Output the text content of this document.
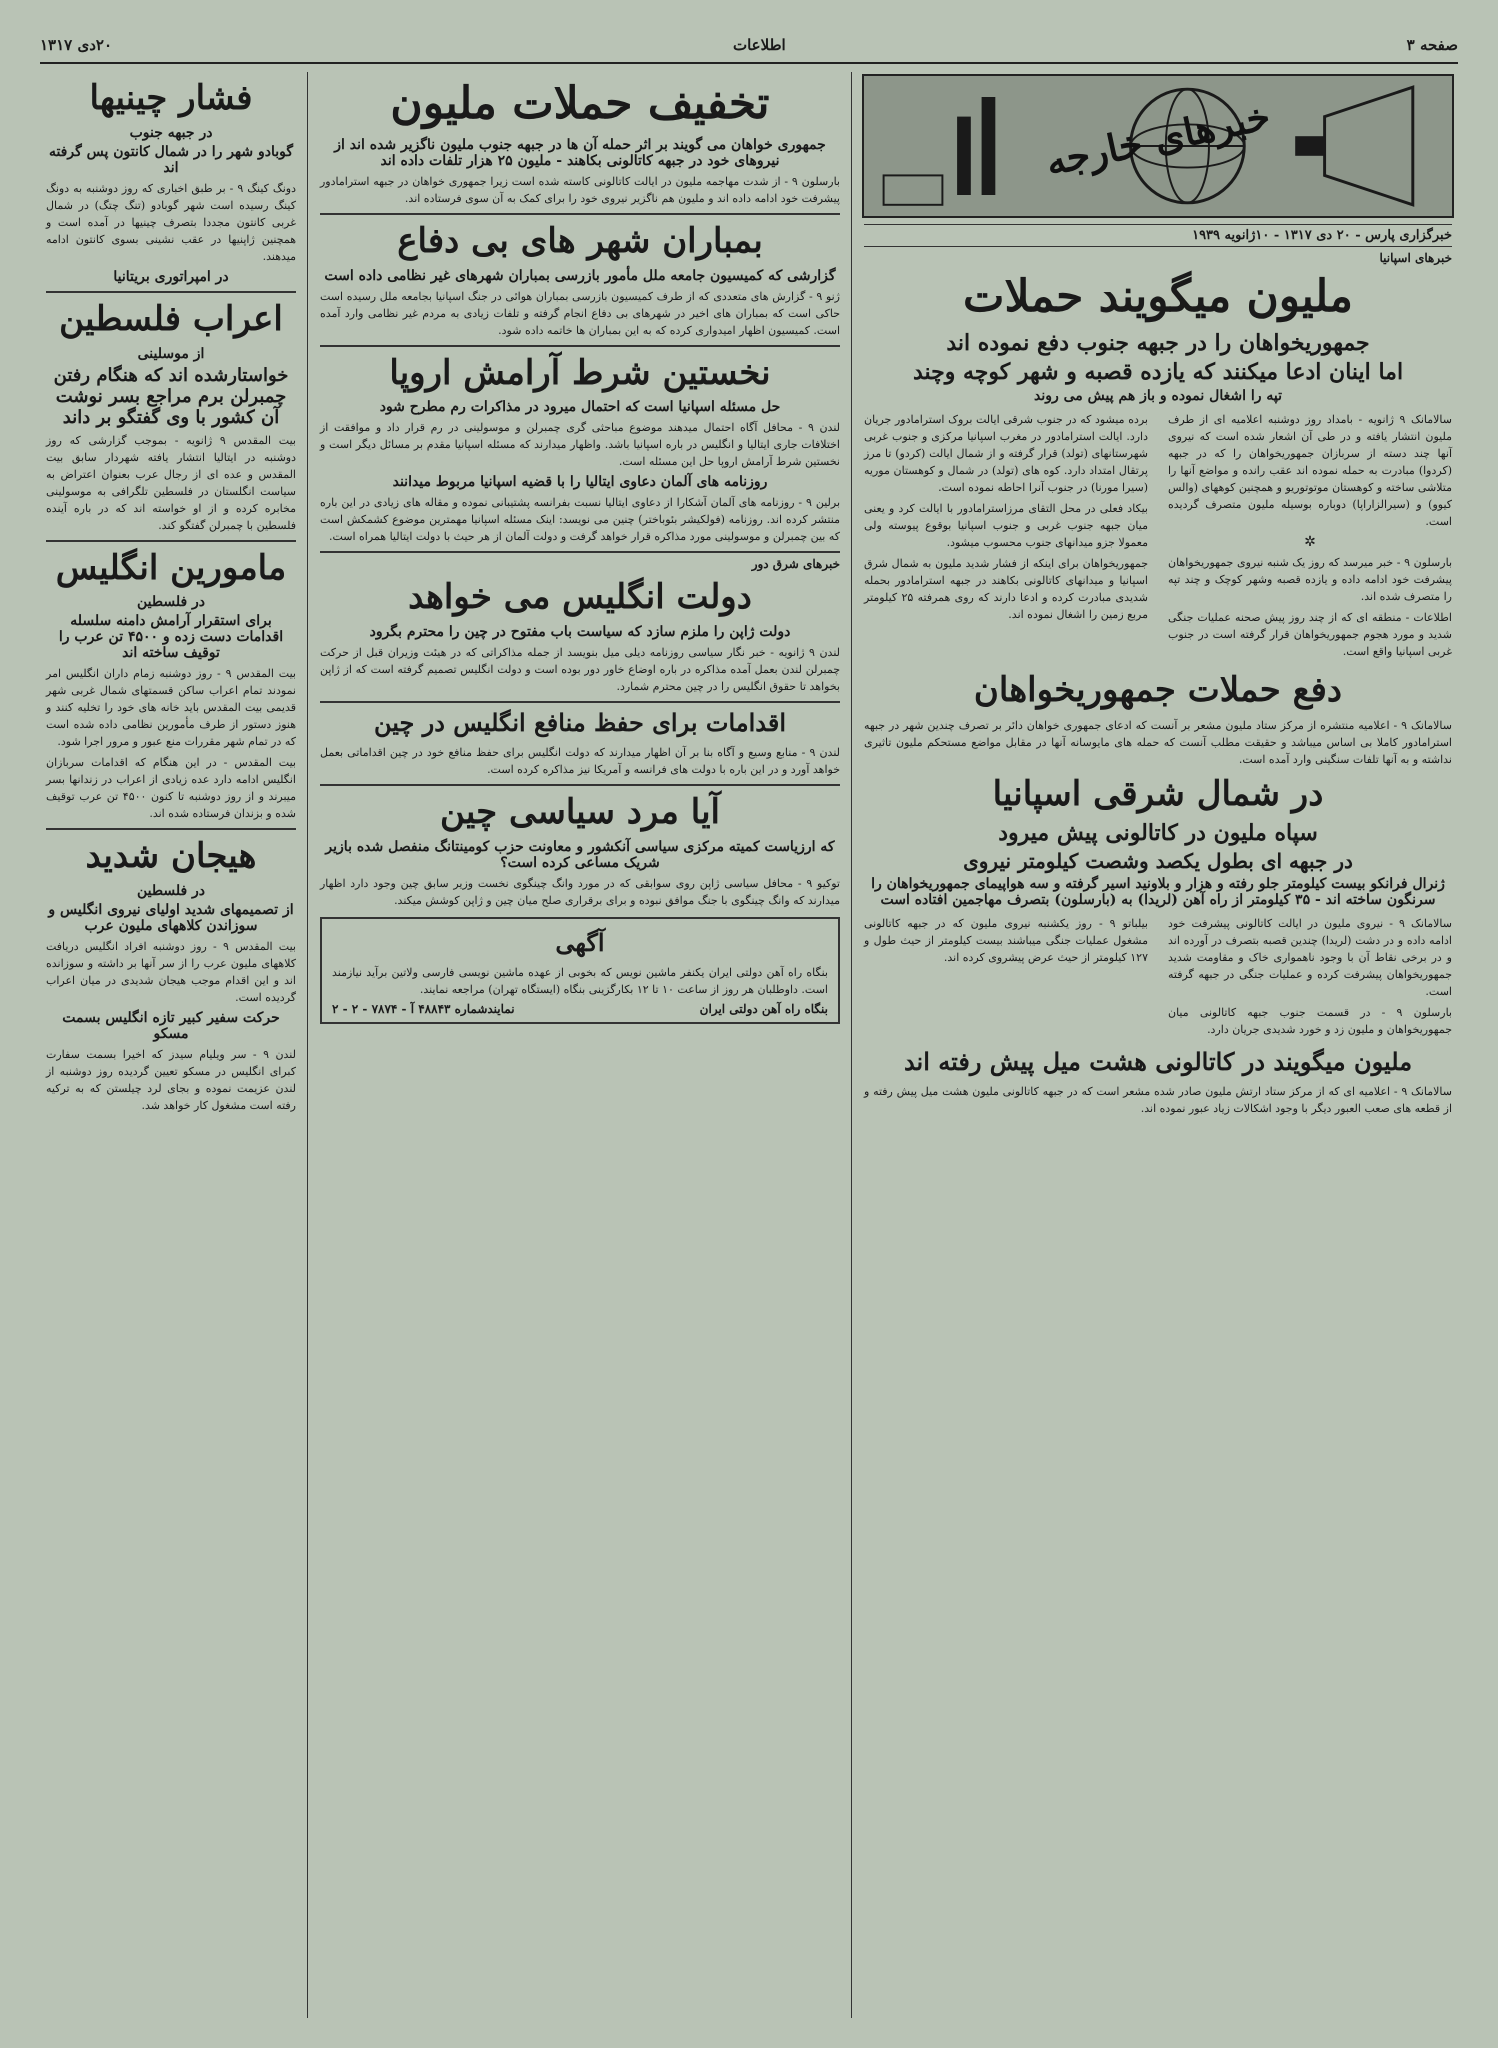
صفحه ۳
اطلاعات
۲۰دی ۱۳۱۷
خبرهای خارجه
خبرگزاری پارس - ۲۰ دی ۱۳۱۷ - ۱۰ژانویه ۱۹۳۹
خبرهای اسپانیا
ملیون میگویند حملات
جمهوریخواهان را در جبهه جنوب دفع نموده اند
اما اینان ادعا میکنند که یازده قصبه و شهر کوچه وچند
تپه را اشغال نموده و باز هم پیش می روند

سالامانک ۹ ژانویه - بامداد روز دوشنبه اعلامیه ای از طرف ملیون انتشار یافته و در طی آن اشعار شده است که نیروی آنها چند دسته از سربازان جمهوریخواهان را که در جبهه (کردوا) مبادرت به حمله نموده اند عقب رانده و مواضع آنها را متلاشی ساخته و کوهستان موتوتوریو و همچنین کوههای (والس کیوو) و (سیرالزاراپا) دوباره بوسیله ملیون متصرف گردیده است.

✲

بارسلون ۹ - خبر میرسد که روز یک شنبه نیروی جمهوریخواهان پیشرفت خود ادامه داده و یازده قصبه وشهر کوچک و چند تپه را متصرف شده اند.

اطلاعات - منطقه ای که از چند روز پیش صحنه عملیات جنگی شدید و مورد هجوم جمهوریخواهان قرار گرفته است در جنوب غربی اسپانیا واقع است.

برده میشود که در جنوب شرقی ایالت بروک استرامادور جریان دارد. ایالت استرامادور در مغرب اسپانیا مرکزی و جنوب غربی شهرستانهای (تولد) قرار گرفته و از شمال ایالت (کردو) تا مرز پرتقال امتداد دارد. کوه های (تولد) در شمال و کوهستان موریه (سیرا مورنا) در جنوب آنرا احاطه نموده است.

بیکاد فعلی در محل التقای مرزاسترامادور با ایالت کرد و یعنی میان جبهه جنوب غربی و جنوب اسپانیا بوقوع پیوسته ولی معمولا جزو میدانهای جنوب محسوب میشود.

جمهوریخواهان برای اینکه از فشار شدید ملیون به شمال شرق اسپانیا و میدانهای کاتالونی بکاهند در جبهه استرامادور بحمله شدیدی مبادرت کرده و ادعا دارند که روی همرفته ۲۵ کیلومتر مربع زمین را اشغال نموده اند.

دفع حملات جمهوریخواهان

سالامانک ۹ - اعلامیه منتشره از مرکز ستاد ملیون مشعر بر آنست که ادعای جمهوری خواهان دائر بر تصرف چندین شهر در جبهه استرامادور کاملا بی اساس میباشد و حقیقت مطلب آنست که حمله های مایوسانه آنها در مقابل مواضع مستحکم ملیون تاثیری نداشته و به آنها تلفات سنگینی وارد آمده است.

در شمال شرقی اسپانیا
سپاه ملیون در کاتالونی پیش میرود
در جبهه ای بطول یکصد وشصت کیلومتر نیروی
ژنرال فرانکو بیست کیلومتر جلو رفته و هزار و بلاونید اسیر گرفته و سه هواپیمای جمهوریخواهان را سرنگون ساخته اند - ۳۵ کیلومتر از راه آهن (لریدا) به (بارسلون) بتصرف مهاجمین افتاده است

سالامانک ۹ - نیروی ملیون در ایالت کاتالونی پیشرفت خود ادامه داده و در دشت (لریدا) چندین قصبه بتصرف در آورده اند و در برخی نقاط آن با وجود ناهمواری خاک و مقاومت شدید جمهوریخواهان پیشرفت کرده و عملیات جنگی در جبهه گرفته است.

بارسلون ۹ - در قسمت جنوب جبهه کاتالونی میان جمهوریخواهان و ملیون زد و خورد شدیدی جریان دارد.

بیلباتو ۹ - روز یکشنبه نیروی ملیون که در جبهه کاتالونی مشغول عملیات جنگی میباشند بیست کیلومتر از حیث طول و ۱۲۷ کیلومتر از حیث عرض پیشروی کرده اند.

ملیون میگویند در کاتالونی هشت میل پیش رفته اند

سالامانک ۹ - اعلامیه ای که از مرکز ستاد ارتش ملیون صادر شده مشعر است که در جبهه کاتالونی ملیون هشت میل پیش رفته و از قطعه های صعب العبور دیگر با وجود اشکالات زیاد عبور نموده اند.

تخفیف حملات ملیون
جمهوری خواهان می گویند بر اثر حمله آن ها در جبهه جنوب ملیون ناگزیر شده اند از نیروهای خود در جبهه کاتالونی بکاهند - ملیون ۲۵ هزار تلفات داده اند

بارسلون ۹ - از شدت مهاجمه ملیون در ایالت کاتالونی کاسته شده است زیرا جمهوری خواهان در جبهه استرامادور پیشرفت خود ادامه داده اند و ملیون هم ناگزیر نیروی خود را برای کمک به آن سوی فرستاده اند.

بمباران شهر های بی دفاع
گزارشی که کمیسیون جامعه ملل مأمور بازرسی بمباران شهرهای غیر نظامی داده است

ژنو ۹ - گزارش های متعددی که از طرف کمیسیون بازرسی بمباران هوائی در جنگ اسپانیا بجامعه ملل رسیده است حاکی است که بمباران های اخیر در شهرهای بی دفاع انجام گرفته و تلفات زیادی به مردم غیر نظامی وارد آمده است. کمیسیون اظهار امیدواری کرده که به این بمباران ها خاتمه داده شود.

نخستین شرط آرامش اروپا
حل مسئله اسپانیا است که احتمال میرود در مذاکرات رم مطرح شود

لندن ۹ - محافل آگاه احتمال میدهند موضوع مباحثی گری چمبرلن و موسولینی در رم قرار داد و موافقت از اختلافات جاری ایتالیا و انگلیس در باره اسپانیا باشد. واظهار میدارند که مسئله اسپانیا مقدم بر مسائل دیگر است و نخستین شرط آرامش اروپا حل این مسئله است.

روزنامه های آلمان دعاوی ایتالیا را با قضیه اسپانیا مربوط میدانند

برلین ۹ - روزنامه های آلمان آشکارا از دعاوی ایتالیا نسبت بفرانسه پشتیبانی نموده و مقاله های زیادی در این باره منتشر کرده اند. روزنامه (فولکیشر بئوباختر) چنین می نویسد: اینک مسئله اسپانیا مهمترین موضوع کشمکش است که بین چمبرلن و موسولینی مورد مذاکره قرار خواهد گرفت و دولت آلمان از هر حیث با دولت ایتالیا همراه است.

خبرهای شرق دور
دولت انگلیس می خواهد
دولت ژاپن را ملزم سازد که سیاست باب مفتوح در چین را محترم بگرود

لندن ۹ ژانویه - خبر نگار سیاسی روزنامه دیلی میل بنویسد از جمله مذاکراتی که در هیئت وزیران قبل از حرکت چمبرلن لندن بعمل آمده مذاکره در باره اوضاع خاور دور بوده است و دولت انگلیس تصمیم گرفته است که از ژاپن بخواهد تا حقوق انگلیس را در چین محترم شمارد.

اقدامات برای حفظ منافع انگلیس در چین

لندن ۹ - منابع وسیع و آگاه بنا بر آن اظهار میدارند که دولت انگلیس برای حفظ منافع خود در چین اقداماتی بعمل خواهد آورد و در این باره با دولت های فرانسه و آمریکا نیز مذاکره کرده است.

آیا مرد سیاسی چین
که ارزیاست کمیته مرکزی سیاسی آنکشور و معاونت حزب کومینتانگ منفصل شده بازیر شریک مساعی کرده است؟

توکیو ۹ - محافل سیاسی ژاپن روی سوابقی که در مورد وانگ چینگوی نخست وزیر سابق چین وجود دارد اظهار میدارند که وانگ چینگوی با جنگ موافق نبوده و برای برقراری صلح میان چین و ژاپن کوشش میکند.

آگهی

بنگاه راه آهن دولتی ایران یکنفر ماشین نویس که بخوبی از عهده ماشین نویسی فارسی ولاتین برآید نیازمند است. داوطلبان هر روز از ساعت ۱۰ تا ۱۲ بکارگزینی بنگاه (ایستگاه تهران) مراجعه نمایند.

بنگاه راه آهن دولتی ایران
نمایندشماره ۴۸۸۴۳ آ - ۷۸۷۴ - ۲ - ۲
فشار چینیها
در جبهه جنوب
گوبادو شهر را در شمال کانتون پس گرفته اند

دونگ کینگ ۹ - بر طبق اخباری که روز دوشنبه به دونگ کینگ رسیده است شهر گوبادو (تنگ چتگ) در شمال غربی کانتون مجددا بتصرف چینیها در آمده است و همچنین ژاپنیها در عقب نشینی بسوی کانتون ادامه میدهند.

در امپراتوری بریتانیا
اعراب فلسطین
از موسلینی
خواستارشده اند که هنگام رفتن چمبرلن برم مراجع بسر نوشت آن کشور با وی گفتگو بر داند

بیت المقدس ۹ ژانویه - بموجب گزارشی که روز دوشنبه در ایتالیا انتشار یافته شهردار سابق بیت المقدس و عده ای از رجال عرب بعنوان اعتراض به سیاست انگلستان در فلسطین تلگرافی به موسولینی مخابره کرده و از او خواسته اند که در باره آینده فلسطین با چمبرلن گفتگو کند.

مامورین انگلیس
در فلسطین
برای استقرار آرامش دامنه سلسله اقدامات دست زده و ۴۵۰۰ تن عرب را توقیف ساخته اند

بیت المقدس ۹ - روز دوشنبه زمام داران انگلیس امر نمودند تمام اعراب ساکن قسمتهای شمال غربی شهر قدیمی بیت المقدس باید خانه های خود را تخلیه کنند و هنوز دستور از طرف مأمورین نظامی داده شده است که در تمام شهر مقررات منع عبور و مرور اجرا شود.

بیت المقدس - در این هنگام که اقدامات سربازان انگلیس ادامه دارد عده زیادی از اعراب در زندانها بسر میبرند و از روز دوشنبه تا کنون ۴۵۰۰ تن عرب توقیف شده و بزندان فرستاده شده اند.

هیجان شدید
در فلسطین
از تصمیمهای شدید اولیای نیروی انگلیس و سوزاندن کلاههای ملیون عرب

بیت المقدس ۹ - روز دوشنبه افراد انگلیس دریافت کلاههای ملیون عرب را از سر آنها بر داشته و سوزانده اند و این اقدام موجب هیجان شدیدی در میان اعراب گردیده است.

حرکت سفیر کبیر تازه انگلیس بسمت مسکو

لندن ۹ - سر ویلیام سیدز که اخیرا بسمت سفارت کبرای انگلیس در مسکو تعیین گردیده روز دوشنبه از لندن عزیمت نموده و بجای لرد چیلستن که به ترکیه رفته است مشغول کار خواهد شد.
